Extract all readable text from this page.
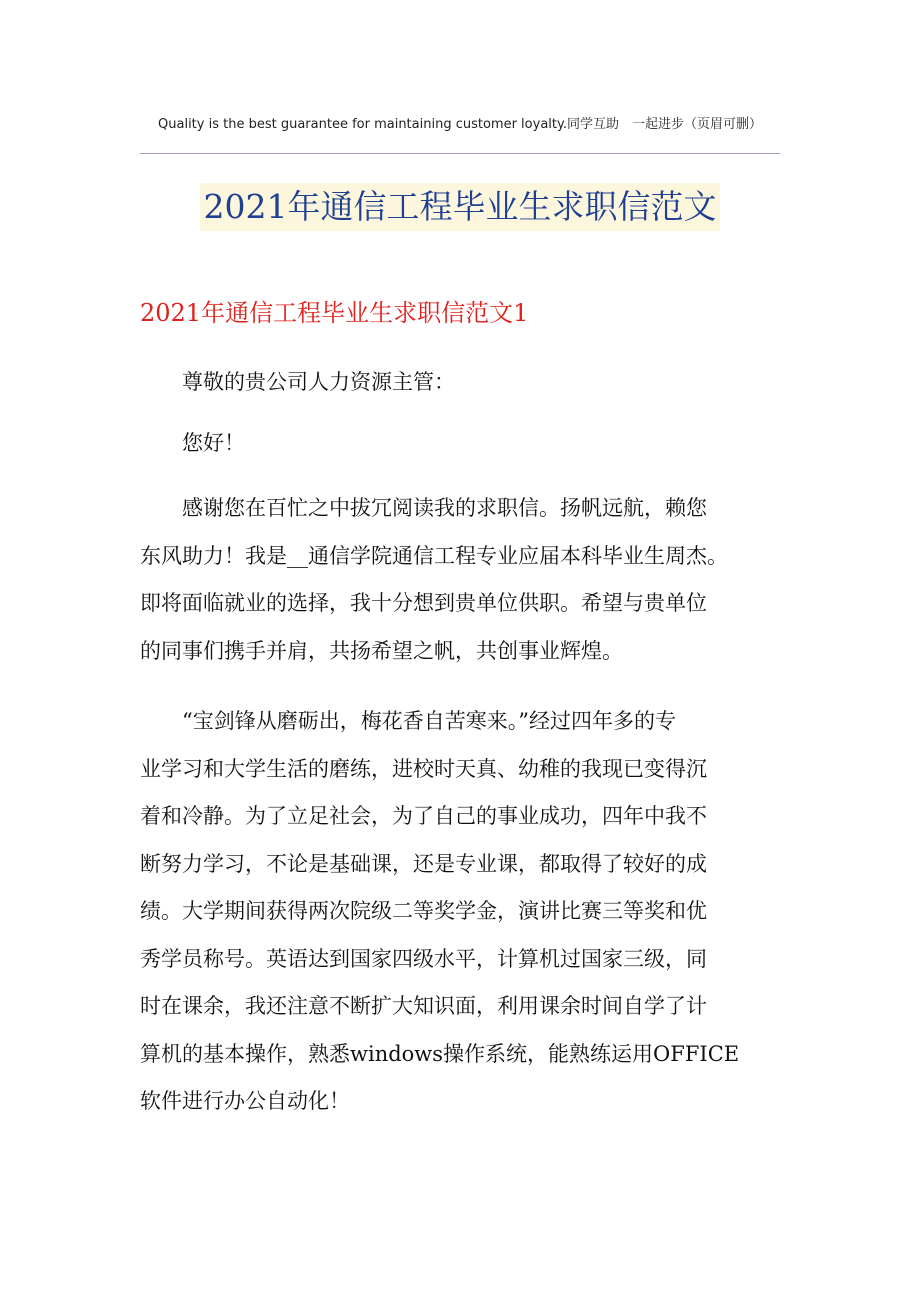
Quality is the best guarantee for maintaining customer loyalty.同学互助　一起进步（页眉可删）
2021年通信工程毕业生求职信范文
2021年通信工程毕业生求职信范文1
尊敬的贵公司人力资源主管：
您好！
感谢您在百忙之中拔冗阅读我的求职信。扬帆远航，赖您
东风助力！我是__通信学院通信工程专业应届本科毕业生周杰。
即将面临就业的选择，我十分想到贵单位供职。希望与贵单位
的同事们携手并肩，共扬希望之帆，共创事业辉煌。
“宝剑锋从磨砺出，梅花香自苦寒来。”经过四年多的专
业学习和大学生活的磨练，进校时天真、幼稚的我现已变得沉
着和冷静。为了立足社会，为了自己的事业成功，四年中我不
断努力学习，不论是基础课，还是专业课，都取得了较好的成
绩。大学期间获得两次院级二等奖学金，演讲比赛三等奖和优
秀学员称号。英语达到国家四级水平，计算机过国家三级，同
时在课余，我还注意不断扩大知识面，利用课余时间自学了计
算机的基本操作，熟悉windows操作系统，能熟练运用OFFICE
软件进行办公自动化！
